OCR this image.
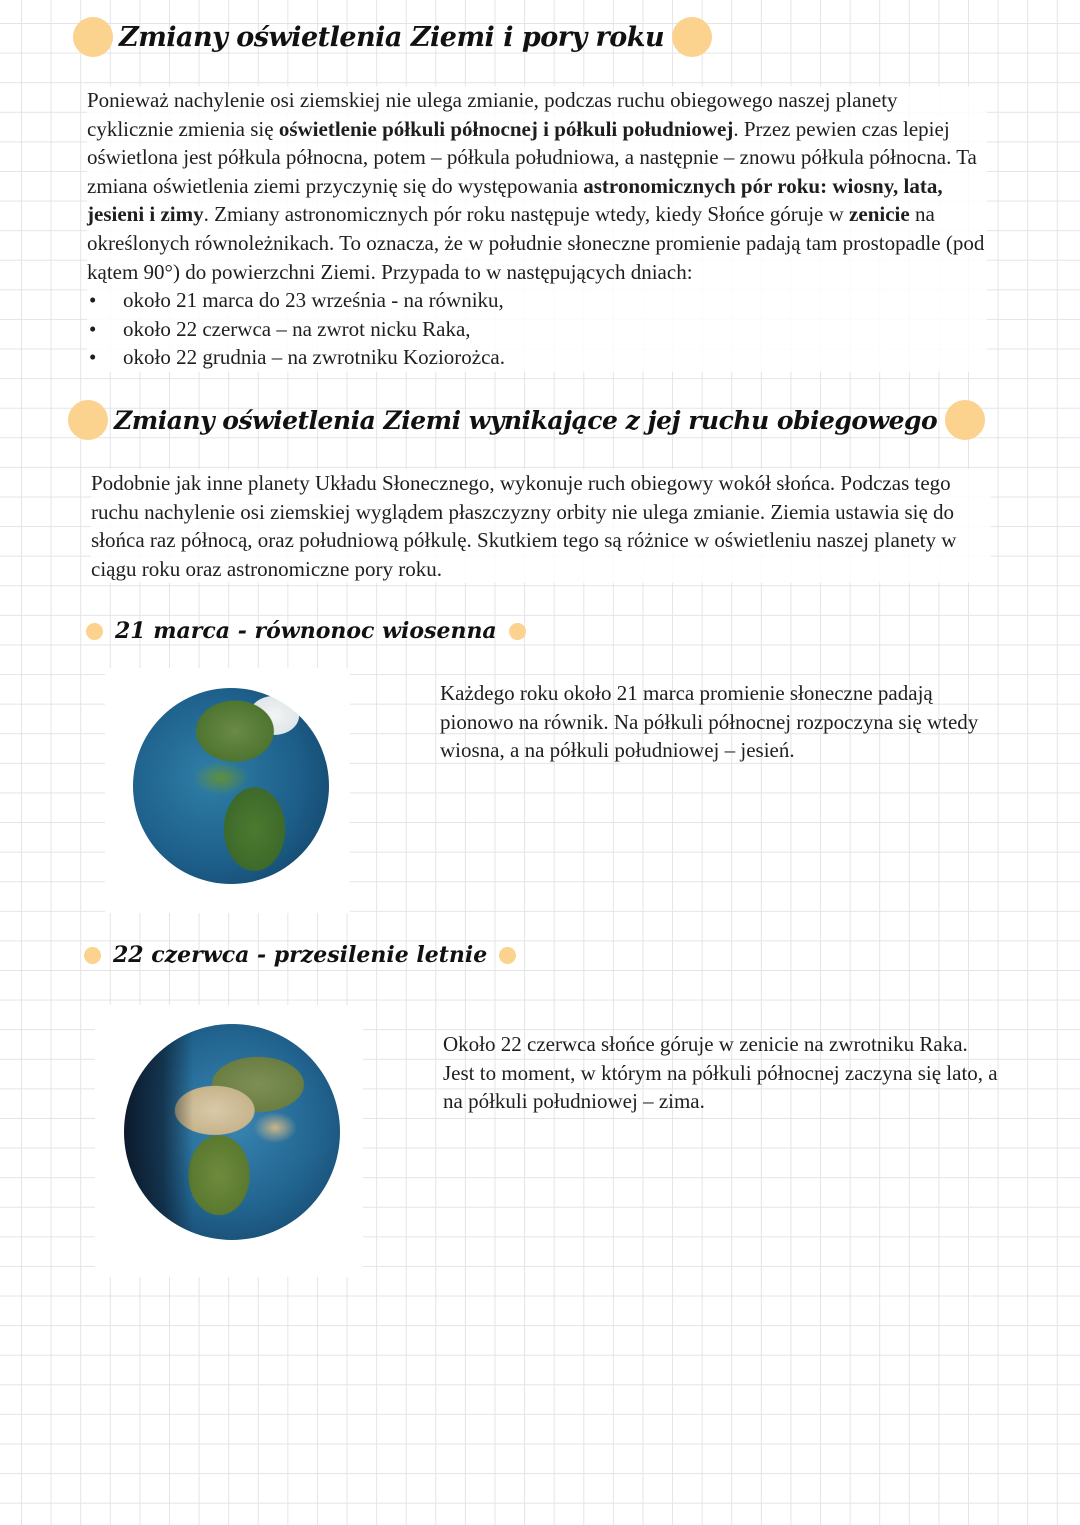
Zmiany oświetlenia Ziemi i pory roku
Ponieważ nachylenie osi ziemskiej nie ulega zmianie, podczas ruchu obiegowego naszej planety cyklicznie zmienia się oświetlenie półkuli północnej i półkuli południowej. Przez pewien czas lepiej oświetlona jest półkula północna, potem – półkula południowa, a następnie – znowu półkula północna. Ta zmiana oświetlenia ziemi przyczynię się do występowania astronomicznych pór roku: wiosny, lata, jesieni i zimy. Zmiany astronomicznych pór roku następuje wtedy, kiedy Słońce góruje w zenicie na określonych równoleżnikach. To oznacza, że w południe słoneczne promienie padają tam prostopadle (pod kątem 90°) do powierzchni Ziemi. Przypada to w następujących dniach:
• około 21 marca do 23 września - na równiku,
• około 22 czerwca – na zwrot nicku Raka,
• około 22 grudnia – na zwrotniku Koziorożca.
Zmiany oświetlenia Ziemi wynikające z jej ruchu obiegowego
Podobnie jak inne planety Układu Słonecznego, wykonuje ruch obiegowy wokół słońca. Podczas tego ruchu nachylenie osi ziemskiej wyglądem płaszczyzny orbity nie ulega zmianie. Ziemia ustawia się do słońca raz północą, oraz południową półkulę. Skutkiem tego są różnice w oświetleniu naszej planety w ciągu roku oraz astronomiczne pory roku.
21 marca - równonoc wiosenna
Każdego roku około 21 marca promienie słoneczne padają pionowo na równik. Na półkuli północnej rozpoczyna się wtedy wiosna, a na półkuli południowej – jesień.
22 czerwca - przesilenie letnie
Około 22 czerwca słońce góruje w zenicie na zwrotniku Raka. Jest to moment, w którym na półkuli północnej zaczyna się lato, a na półkuli południowej – zima.
